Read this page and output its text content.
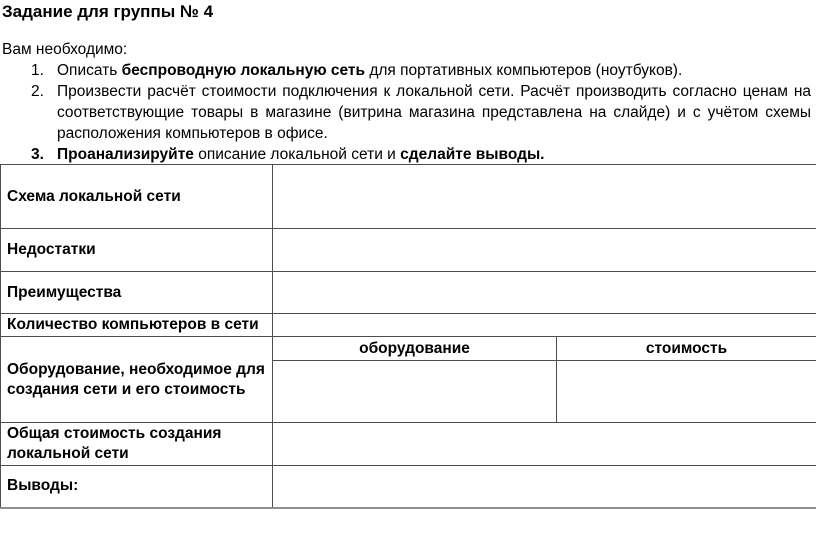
Задание для группы № 4
Вам необходимо:
1. Описать беспроводную локальную сеть для портативных компьютеров (ноутбуков).
2. Произвести расчёт стоимости подключения к локальной сети. Расчёт производить согласно ценам на соответствующие товары в магазине (витрина магазина представлена на слайде) и с учётом схемы расположения компьютеров в офисе.
3. Проанализируйте описание локальной сети и сделайте выводы.
Схема локальной сети		
Недостатки		
Преимущества		
Количество компьютеров в сети		
Оборудование, необходимое для создания сети и его стоимость	оборудование	стоимость

Общая стоимость создания локальной сети		
Выводы:		
